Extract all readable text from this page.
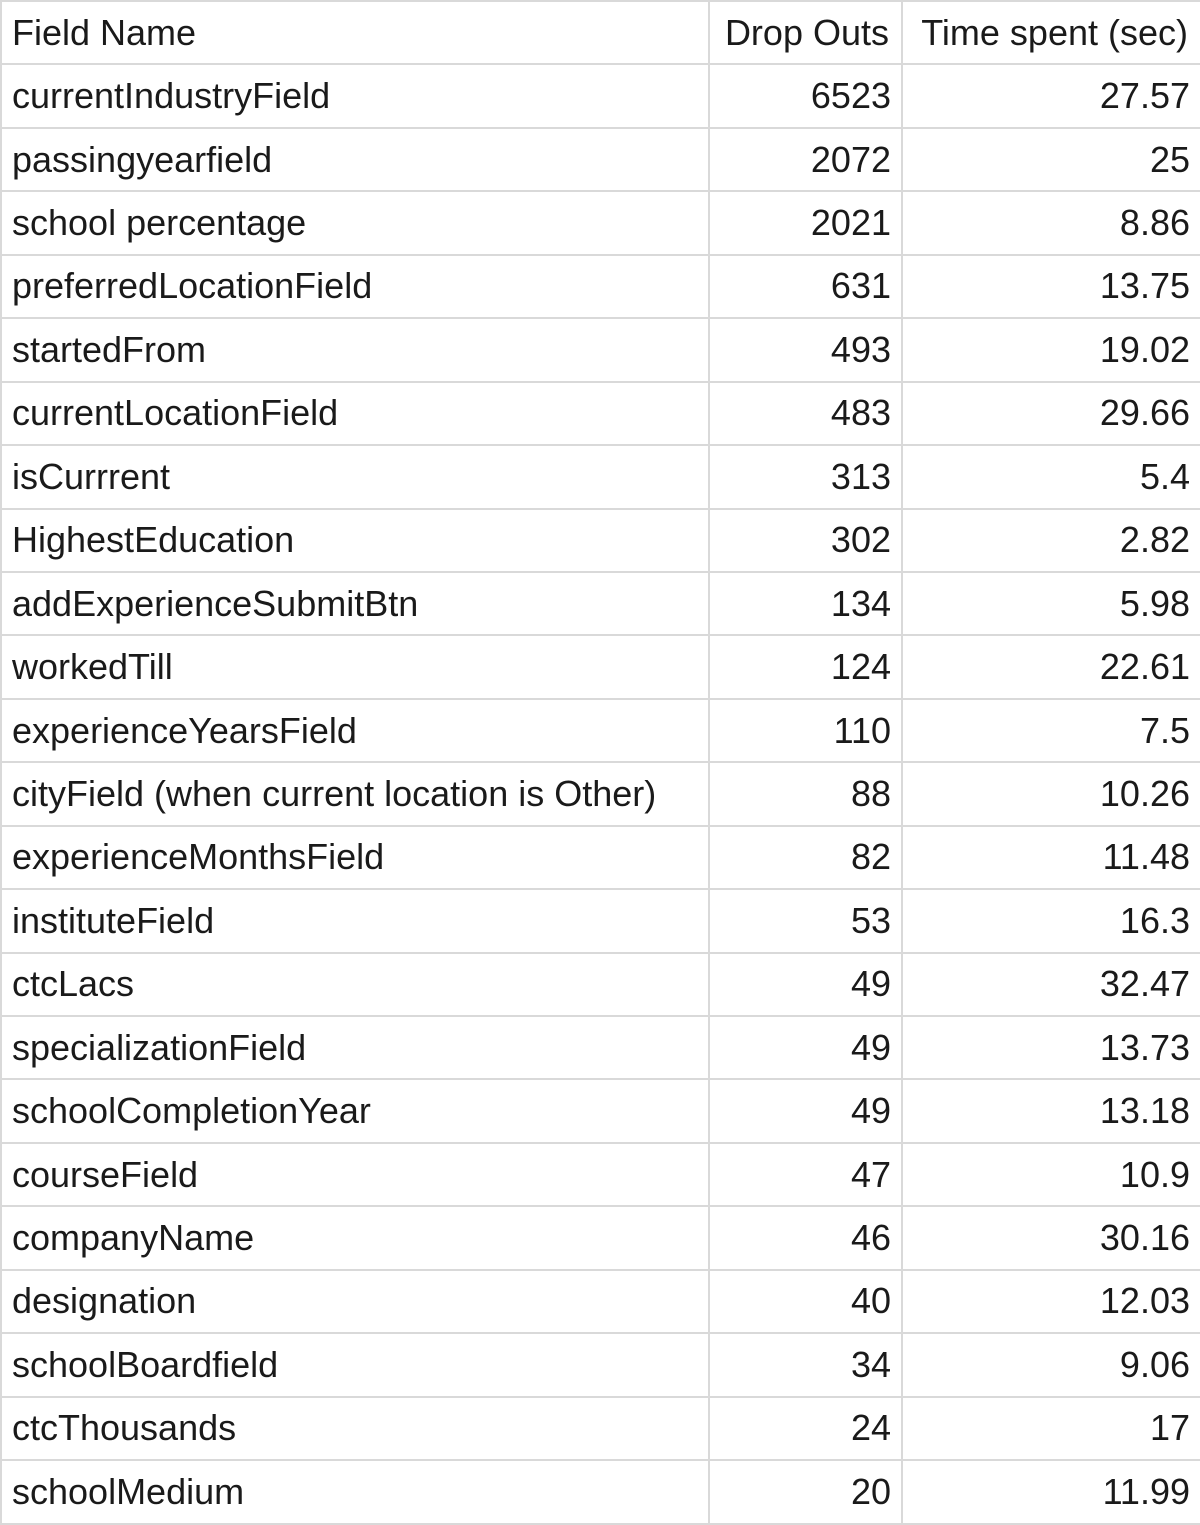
Field Name	Drop Outs	Time spent (sec)
currentIndustryField	6523	27.57
passingyearfield	2072	25
school percentage	2021	8.86
preferredLocationField	631	13.75
startedFrom	493	19.02
currentLocationField	483	29.66
isCurrrent	313	5.4
HighestEducation	302	2.82
addExperienceSubmitBtn	134	5.98
workedTill	124	22.61
experienceYearsField	110	7.5
cityField (when current location is Other)	88	10.26
experienceMonthsField	82	11.48
instituteField	53	16.3
ctcLacs	49	32.47
specializationField	49	13.73
schoolCompletionYear	49	13.18
courseField	47	10.9
companyName	46	30.16
designation	40	12.03
schoolBoardfield	34	9.06
ctcThousands	24	17
schoolMedium	20	11.99
